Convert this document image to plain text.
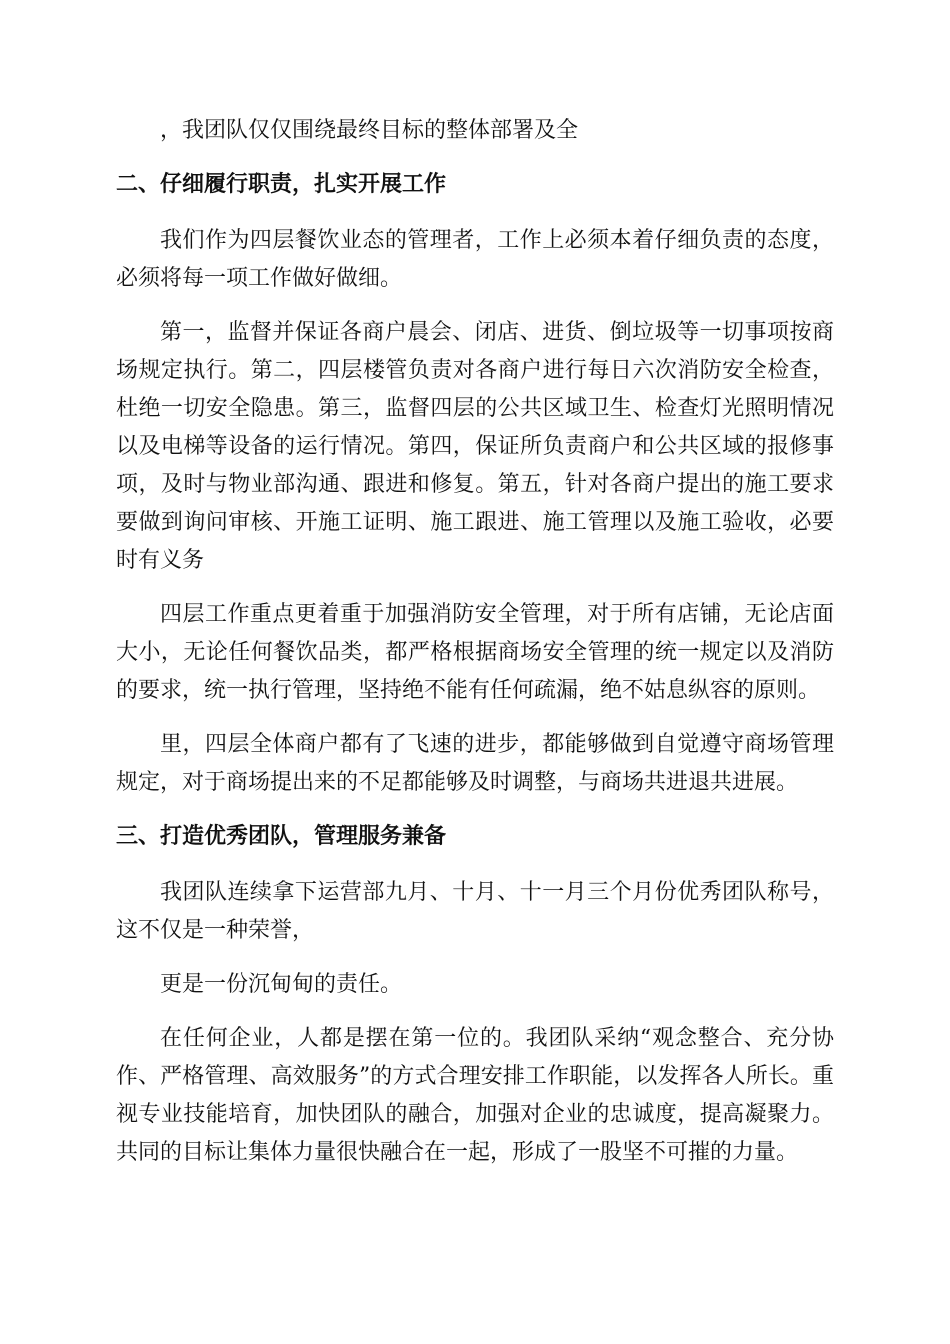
，我团队仅仅围绕最终目标的整体部署及全

二、仔细履行职责，扎实开展工作

我们作为四层餐饮业态的管理者，工作上必须本着仔细负责的态度，必须将每一项工作做好做细。

第一，监督并保证各商户晨会、闭店、进货、倒垃圾等一切事项按商场规定执行。第二，四层楼管负责对各商户进行每日六次消防安全检查，杜绝一切安全隐患。第三，监督四层的公共区域卫生、检查灯光照明情况以及电梯等设备的运行情况。第四，保证所负责商户和公共区域的报修事项，及时与物业部沟通、跟进和修复。第五，针对各商户提出的施工要求要做到询问审核、开施工证明、施工跟进、施工管理以及施工验收，必要时有义务

四层工作重点更着重于加强消防安全管理，对于所有店铺，无论店面大小，无论任何餐饮品类，都严格根据商场安全管理的统一规定以及消防的要求，统一执行管理，坚持绝不能有任何疏漏，绝不姑息纵容的原则。

里，四层全体商户都有了飞速的进步，都能够做到自觉遵守商场管理规定，对于商场提出来的不足都能够及时调整，与商场共进退共进展。

三、打造优秀团队，管理服务兼备

我团队连续拿下运营部九月、十月、十一月三个月份优秀团队称号，这不仅是一种荣誉，

更是一份沉甸甸的责任。

在任何企业，人都是摆在第一位的。我团队采纳“观念整合、充分协作、严格管理、高效服务”的方式合理安排工作职能，以发挥各人所长。重视专业技能培育，加快团队的融合，加强对企业的忠诚度，提高凝聚力。共同的目标让集体力量很快融合在一起，形成了一股坚不可摧的力量。
